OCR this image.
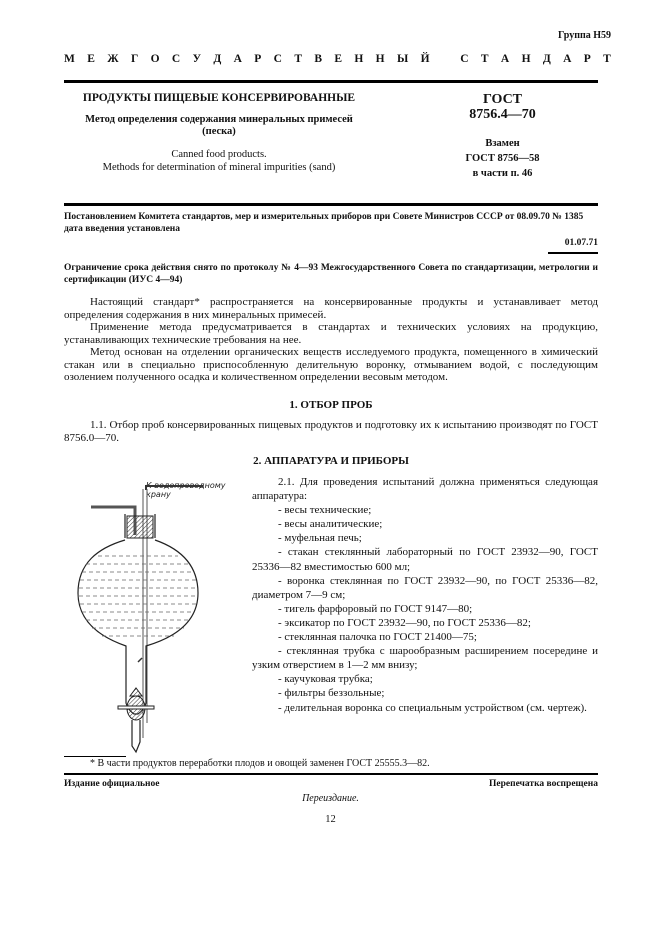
Группа Н59
М Е Ж Г О С У Д А Р С Т В Е Н Н Ы Й	С Т А Н Д А Р Т
ПРОДУКТЫ ПИЩЕВЫЕ КОНСЕРВИРОВАННЫЕ
Метод определения содержания минеральных примесей
(песка)
Canned food products.
Methods for determination of mineral impurities (sand)
ГОСТ
8756.4—70
Взамен
ГОСТ 8756—58
в части п. 46
Постановлением Комитета стандартов, мер и измерительных приборов при Совете Министров СССР от 08.09.70 № 1385 дата введения установлена
01.07.71
Ограничение срока действия снято по протоколу № 4—93 Межгосударственного Совета по стандартизации, метрологии и сертификации (ИУС 4—94)

Настоящий стандарт* распространяется на консервированные продукты и устанавливает метод определения содержания в них минеральных примесей.

Применение метода предусматривается в стандартах и технических условиях на продукцию, устанавливающих технические требования на нее.

Метод основан на отделении органических веществ исследуемого продукта, помещенного в химический стакан или в специально приспособленную делительную воронку, отмыванием водой, с последующим озолением полученного осадка и количественном определении весовым методом.

1. ОТБОР ПРОБ

1.1. Отбор проб консервированных пищевых продуктов и подготовку их к испытанию производят по ГОСТ 8756.0—70.

2. АППАРАТУРА И ПРИБОРЫ

2.1. Для проведения испытаний должна применяться следующая аппаратура:

- весы технические;

- весы аналитические;

- муфельная печь;

- стакан стеклянный лабораторный по ГОСТ 23932—90, ГОСТ 25336—82 вместимостью 600 мл;

- воронка стеклянная по ГОСТ 23932—90, по ГОСТ 25336—82, диаметром 7—9 см;

- тигель фарфоровый по ГОСТ 9147—80;

- эксикатор по ГОСТ 23932—90, по ГОСТ 25336—82;

- стеклянная палочка по ГОСТ 21400—75;

- стеклянная трубка с шарообразным расширением посередине и узким отверстием в 1—2 мм внизу;

- каучуковая трубка;

- фильтры беззольные;

- делительная воронка со специальным устройством (см. чертеж).

К водопроводному
крану
* В части продуктов переработки плодов и овощей заменен ГОСТ 25555.3—82.
Издание официальное	Перепечатка воспрещена
Переиздание.
12
